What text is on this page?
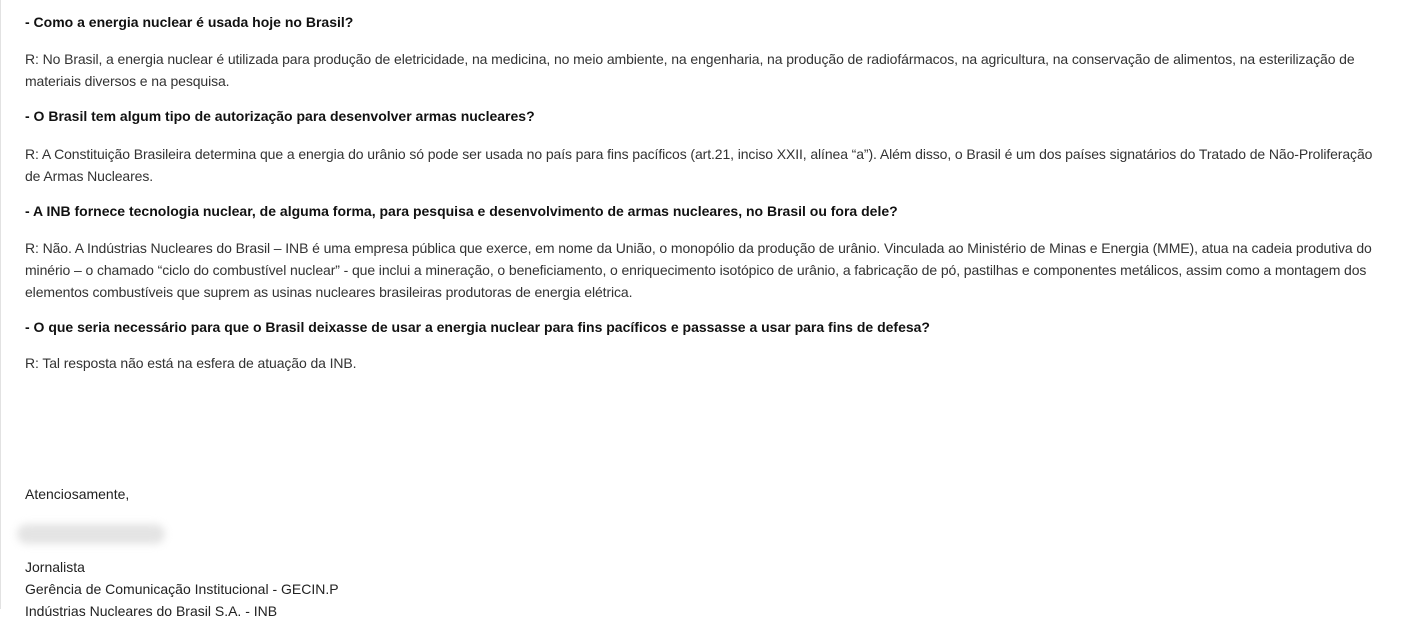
- Como a energia nuclear é usada hoje no Brasil?

R: No Brasil, a energia nuclear é utilizada para produção de eletricidade, na medicina, no meio ambiente, na engenharia, na produção de radiofármacos, na agricultura, na conservação de alimentos, na esterilização de materiais diversos e na pesquisa.

- O Brasil tem algum tipo de autorização para desenvolver armas nucleares?

R: A Constituição Brasileira determina que a energia do urânio só pode ser usada no país para fins pacíficos (art.21, inciso XXII, alínea “a”). Além disso, o Brasil é um dos países signatários do Tratado de Não-Proliferação de Armas Nucleares.

- A INB fornece tecnologia nuclear, de alguma forma, para pesquisa e desenvolvimento de armas nucleares, no Brasil ou fora dele?

R: Não. A Indústrias Nucleares do Brasil – INB é uma empresa pública que exerce, em nome da União, o monopólio da produção de urânio. Vinculada ao Ministério de Minas e Energia (MME), atua na cadeia produtiva do minério – o chamado “ciclo do combustível nuclear” - que inclui a mineração, o beneficiamento, o enriquecimento isotópico de urânio, a fabricação de pó, pastilhas e componentes metálicos, assim como a montagem dos elementos combustíveis que suprem as usinas nucleares brasileiras produtoras de energia elétrica.

- O que seria necessário para que o Brasil deixasse de usar a energia nuclear para fins pacíficos e passasse a usar para fins de defesa?

R: Tal resposta não está na esfera de atuação da INB.

Atenciosamente,

Jornalista

Gerência de Comunicação Institucional - GECIN.P

Indústrias Nucleares do Brasil S.A. - INB
